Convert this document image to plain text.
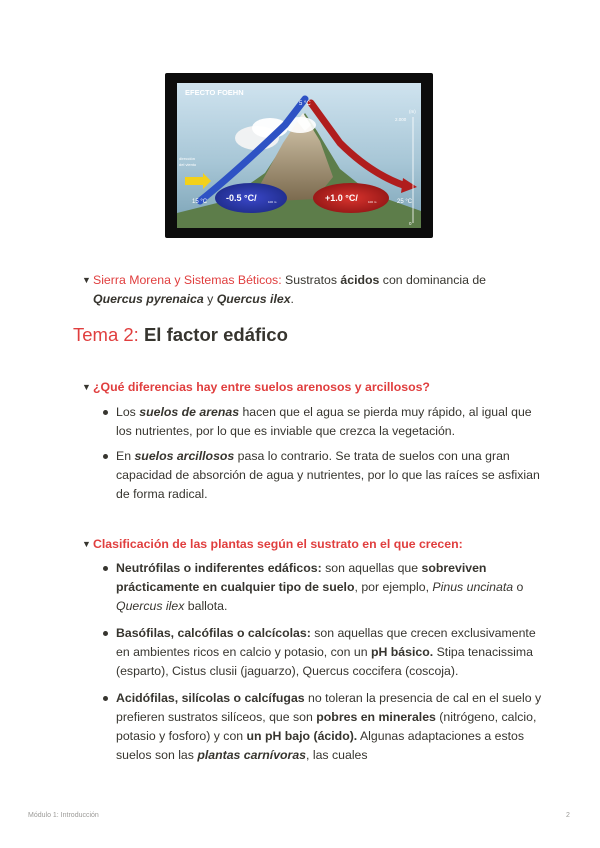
EFECTO FOEHN
5 °C
dirección
del viento
15 °C	25 °C
-0.5 °C/	100 m	+1.0 °C/	100 m
(m)
2.000
0

▼ Sierra Morena y Sistemas Béticos: Sustratos ácidos con dominancia de
Quercus pyrenaica y Quercus ilex.

Tema 2: El factor edáfico
▼ ¿Qué diferencias hay entre suelos arenosos y arcillosos?
Los suelos de arenas hacen que el agua se pierda muy rápido, al igual que los nutrientes, por lo que es inviable que crezca la vegetación.
En suelos arcillosos pasa lo contrario. Se trata de suelos con una gran capacidad de absorción de agua y nutrientes, por lo que las raíces se asfixian de forma radical.
▼ Clasificación de las plantas según el sustrato en el que crecen:
Neutrófilas o indiferentes edáficos: son aquellas que sobreviven prácticamente en cualquier tipo de suelo, por ejemplo, Pinus uncinata o Quercus ilex ballota.
Basófilas, calcófilas o calcícolas: son aquellas que crecen exclusivamente en ambientes ricos en calcio y potasio, con un pH básico. Stipa tenacissima (esparto), Cistus clusii (jaguarzo), Quercus coccifera (coscoja).
Acidófilas, silícolas o calcífugas no toleran la presencia de cal en el suelo y prefieren sustratos silíceos, que son pobres en minerales (nitrógeno, calcio, potasio y fosforo) y con un pH bajo (ácido). Algunas adaptaciones a estos suelos son las plantas carnívoras, las cuales
Módulo 1: Introducción	2
